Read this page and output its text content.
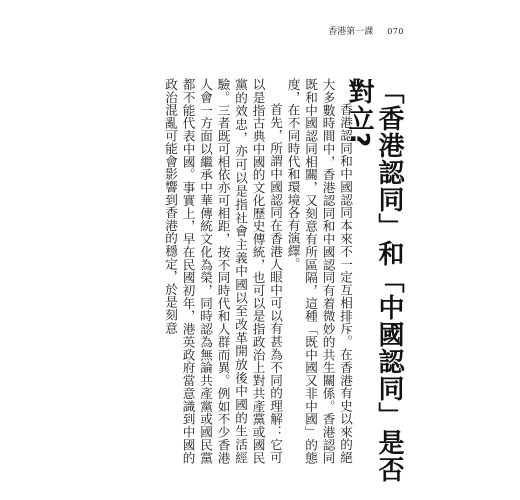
香港第一課 070
「香港認同」和「中國認同」是否對立?

香港認同和中國認同本來不一定互相排斥。在香港有史以來的絕大多數時間中，香港認同和中國認同有着微妙的共生關係。香港認同既和中國認同相關，又刻意有所區隔，這種「既中國又非中國」的態度，在不同時代和環境各有演繹。

首先，所謂中國認同在香港人眼中可以有甚為不同的理解：它可以是指古典中國的文化歷史傳統，也可以是指政治上對共產黨或國民黨的效忠，亦可以是指社會主義中國以至改革開放後中國的生活經驗。三者既可相依亦可相距，按不同時代和人群而異。例如不少香港人會一方面以繼承中華傳統文化為榮，同時認為無論共產黨或國民黨都不能代表中國。事實上，早在民國初年，港英政府當意識到中國的政治混亂可能會影響到香港的穩定，於是刻意
